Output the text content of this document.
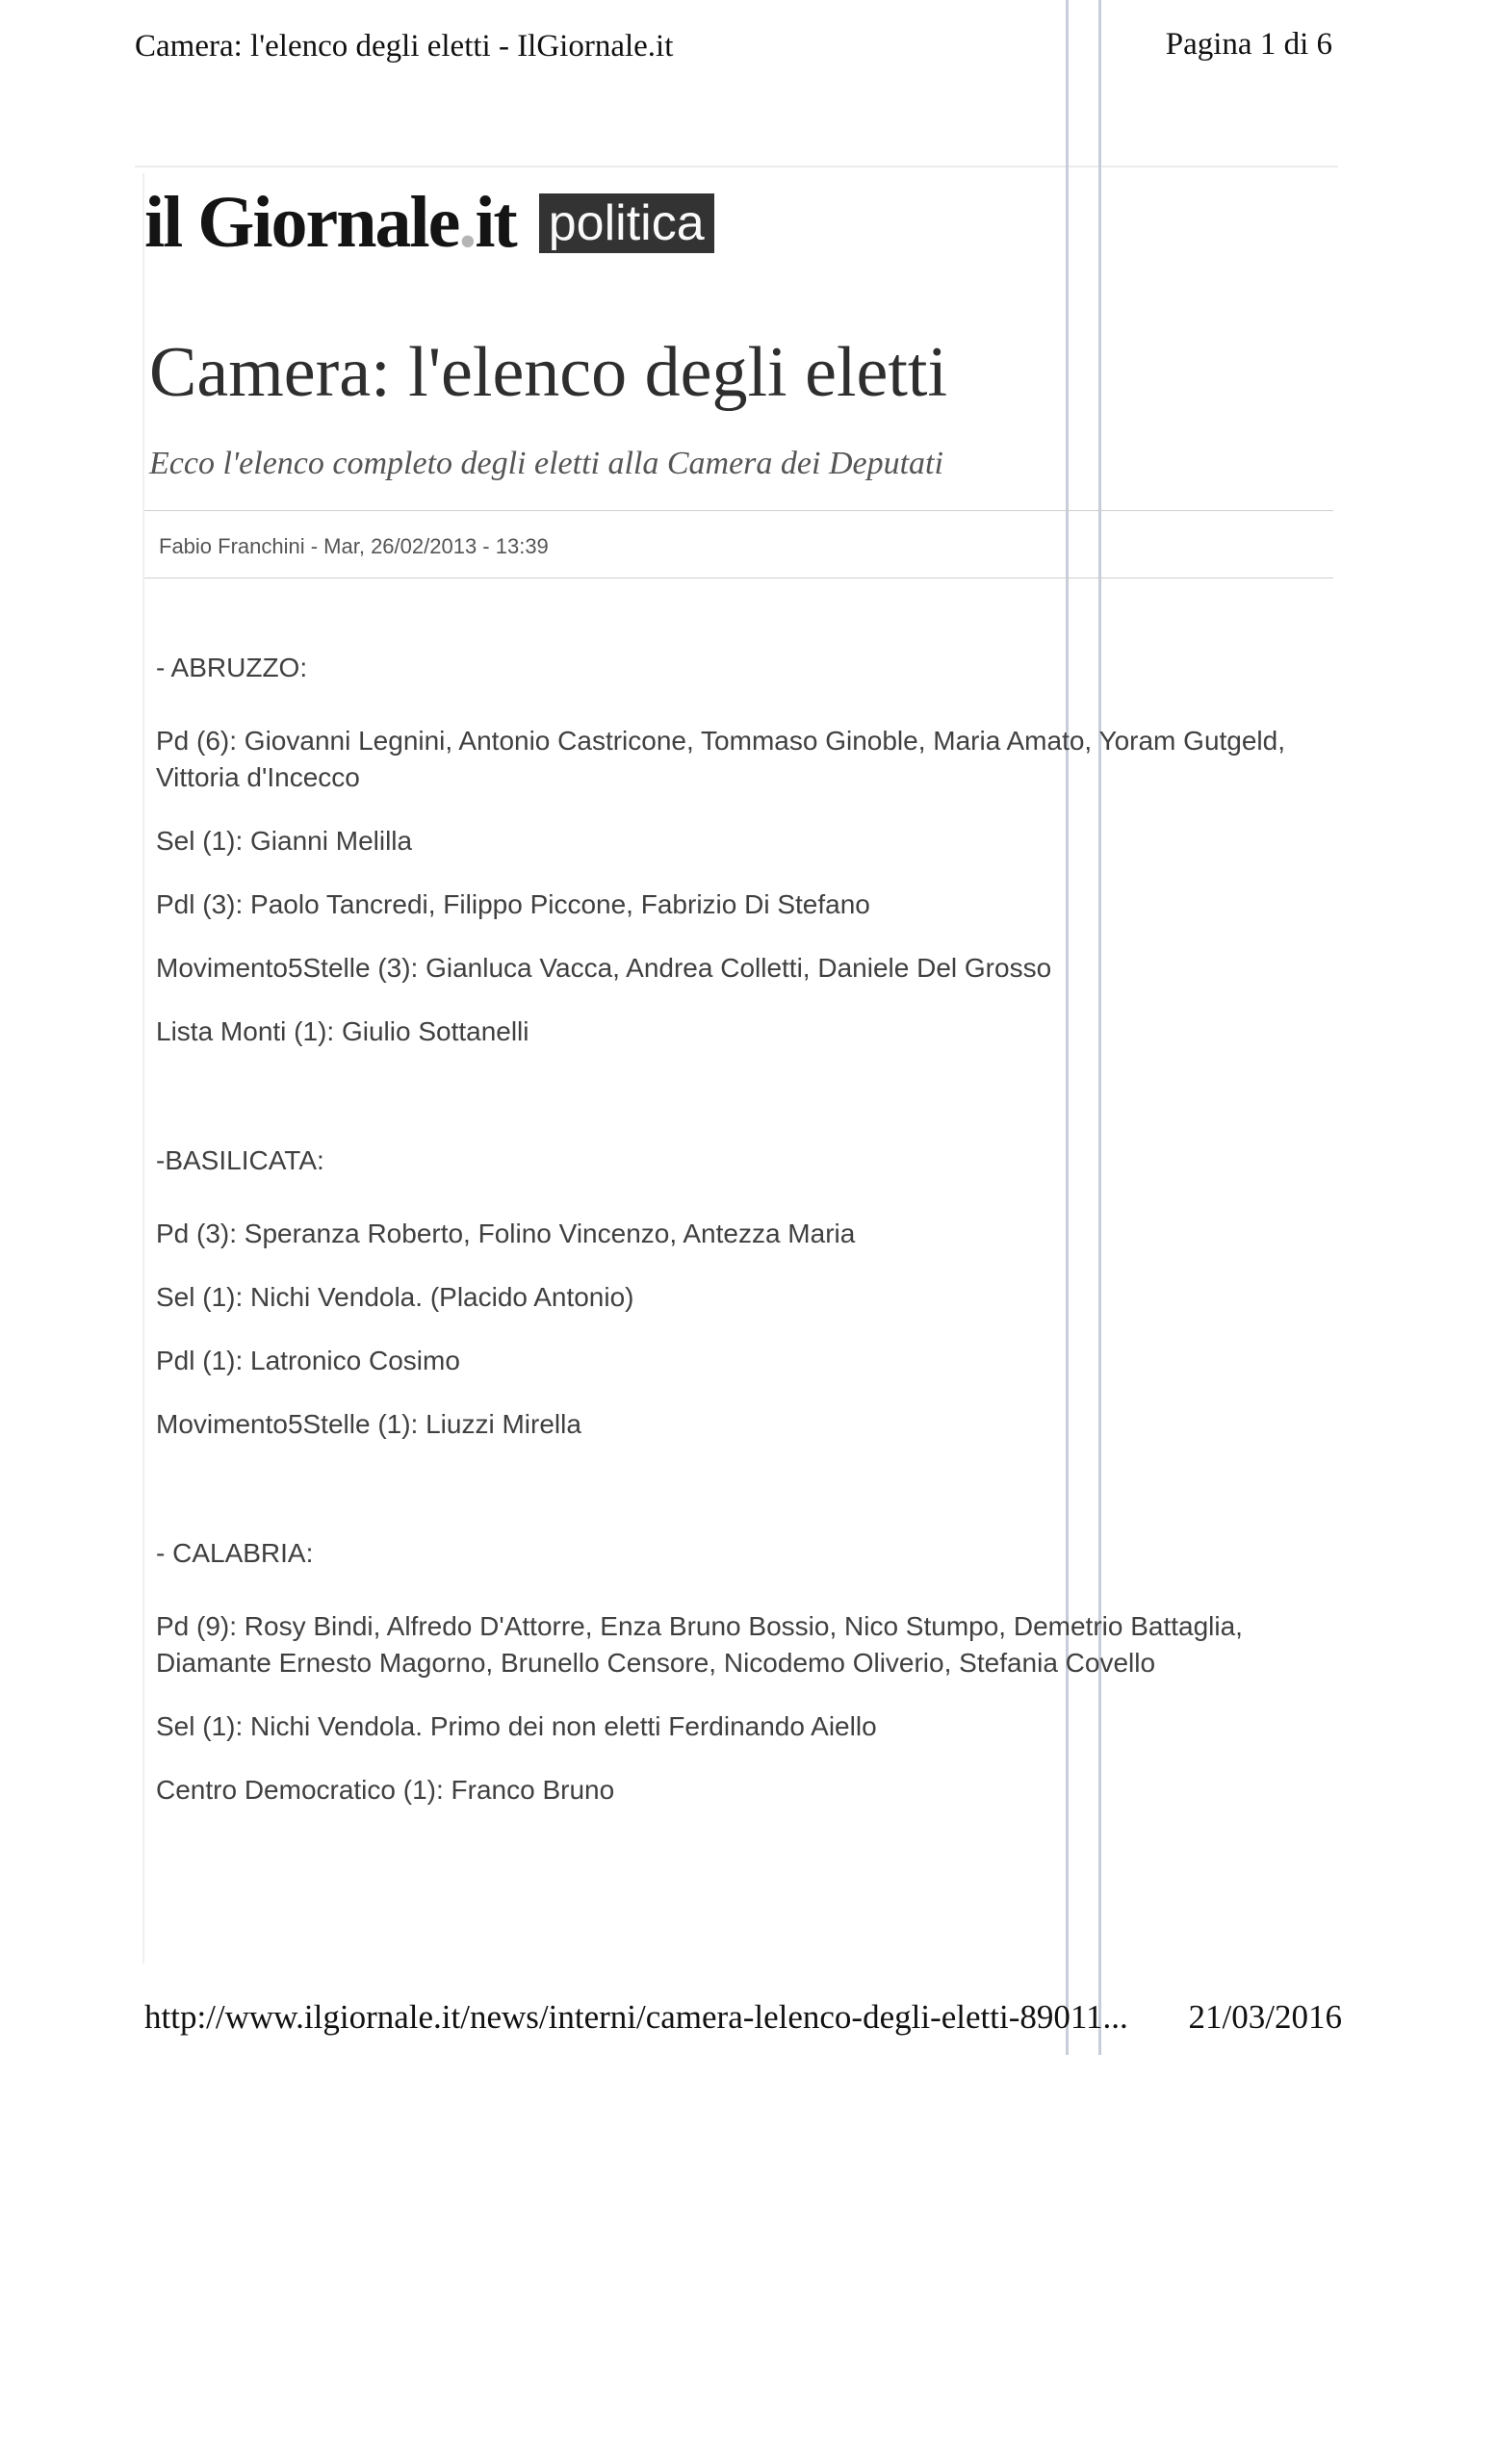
Camera: l'elenco degli eletti - IlGiornale.it	Pagina 1 di 6
il Giornale.it politica
Camera: l'elenco degli eletti
Ecco l'elenco completo degli eletti alla Camera dei Deputati
Fabio Franchini - Mar, 26/02/2013 - 13:39
- ABRUZZO:

Pd (6): Giovanni Legnini, Antonio Castricone, Tommaso Ginoble, Maria Amato, Yoram Gutgeld, Vittoria d'Incecco

Sel (1): Gianni Melilla

Pdl (3): Paolo Tancredi, Filippo Piccone, Fabrizio Di Stefano

Movimento5Stelle (3): Gianluca Vacca, Andrea Colletti, Daniele Del Grosso

Lista Monti (1): Giulio Sottanelli

-BASILICATA:

Pd (3): Speranza Roberto, Folino Vincenzo, Antezza Maria

Sel (1): Nichi Vendola. (Placido Antonio)

Pdl (1): Latronico Cosimo

Movimento5Stelle (1): Liuzzi Mirella

- CALABRIA:

Pd (9): Rosy Bindi, Alfredo D'Attorre, Enza Bruno Bossio, Nico Stumpo, Demetrio Battaglia, Diamante Ernesto Magorno, Brunello Censore, Nicodemo Oliverio, Stefania Covello

Sel (1): Nichi Vendola. Primo dei non eletti Ferdinando Aiello

Centro Democratico (1): Franco Bruno

http://www.ilgiornale.it/news/interni/camera-lelenco-degli-eletti-89011... 21/03/2016
